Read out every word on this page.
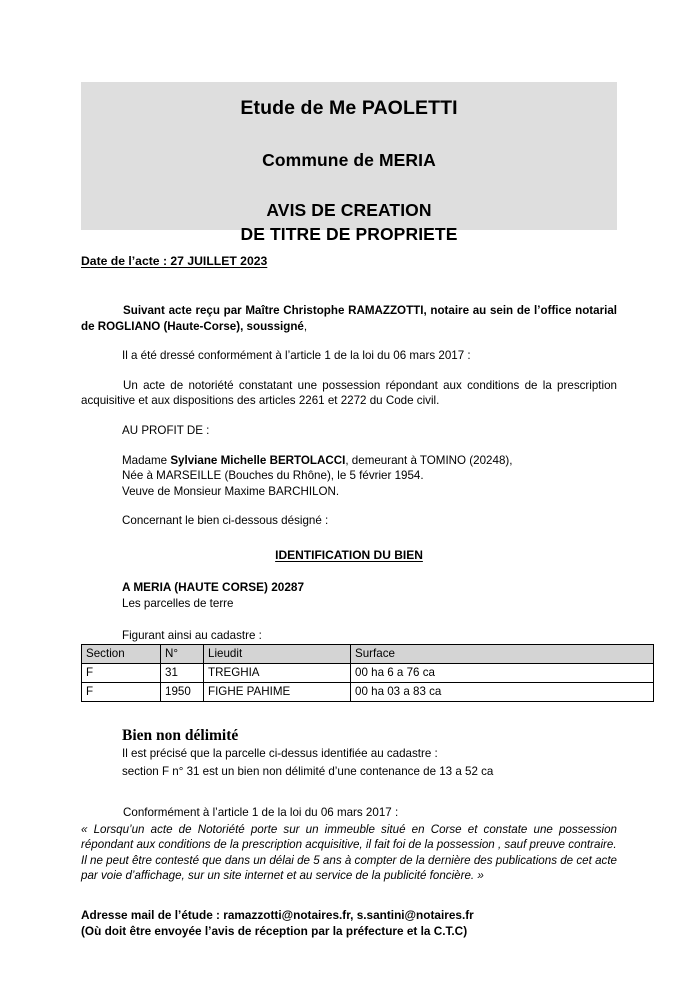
Etude de Me PAOLETTI
Commune de MERIA
AVIS DE CREATION
DE TITRE DE PROPRIETE
Date de l’acte : 27 JUILLET 2023

Suivant acte reçu par Maître Christophe RAMAZZOTTI, notaire au sein de l’office notarial de ROGLIANO (Haute-Corse), soussigné,

Il a été dressé conformément à l’article 1 de la loi du 06 mars 2017 :

Un acte de notoriété constatant une possession répondant aux conditions de la prescription acquisitive et aux dispositions des articles 2261 et 2272 du Code civil.

AU PROFIT DE :

Madame Sylviane Michelle BERTOLACCI, demeurant à TOMINO (20248),

Née à MARSEILLE (Bouches du Rhône), le 5 février 1954.

Veuve de Monsieur Maxime BARCHILON.

Concernant le bien ci-dessous désigné :

IDENTIFICATION DU BIEN

A MERIA (HAUTE CORSE) 20287

Les parcelles de terre

Figurant ainsi au cadastre :

Section	N°	Lieudit	Surface
F	31	TREGHIA	00 ha 6 a 76 ca
F	1950	FIGHE PAHIME	00 ha 03 a 83 ca
Bien non délimité

Il est précisé que la parcelle ci-dessus identifiée au cadastre :

section F n° 31 est un bien non délimité d’une contenance de 13 a 52 ca

Conformément à l’article 1 de la loi du 06 mars 2017 :

« Lorsqu’un acte de Notoriété porte sur un immeuble situé en Corse et constate une possession répondant aux conditions de la prescription acquisitive, il fait foi de la possession , sauf preuve contraire.

Il ne peut être contesté que dans un délai de 5 ans à compter de la dernière des publications de cet acte par voie d’affichage, sur un site internet et au service de la publicité foncière. »

Adresse mail de l’étude : ramazzotti@notaires.fr, s.santini@notaires.fr

(Où doit être envoyée l’avis de réception par la préfecture et la C.T.C)
